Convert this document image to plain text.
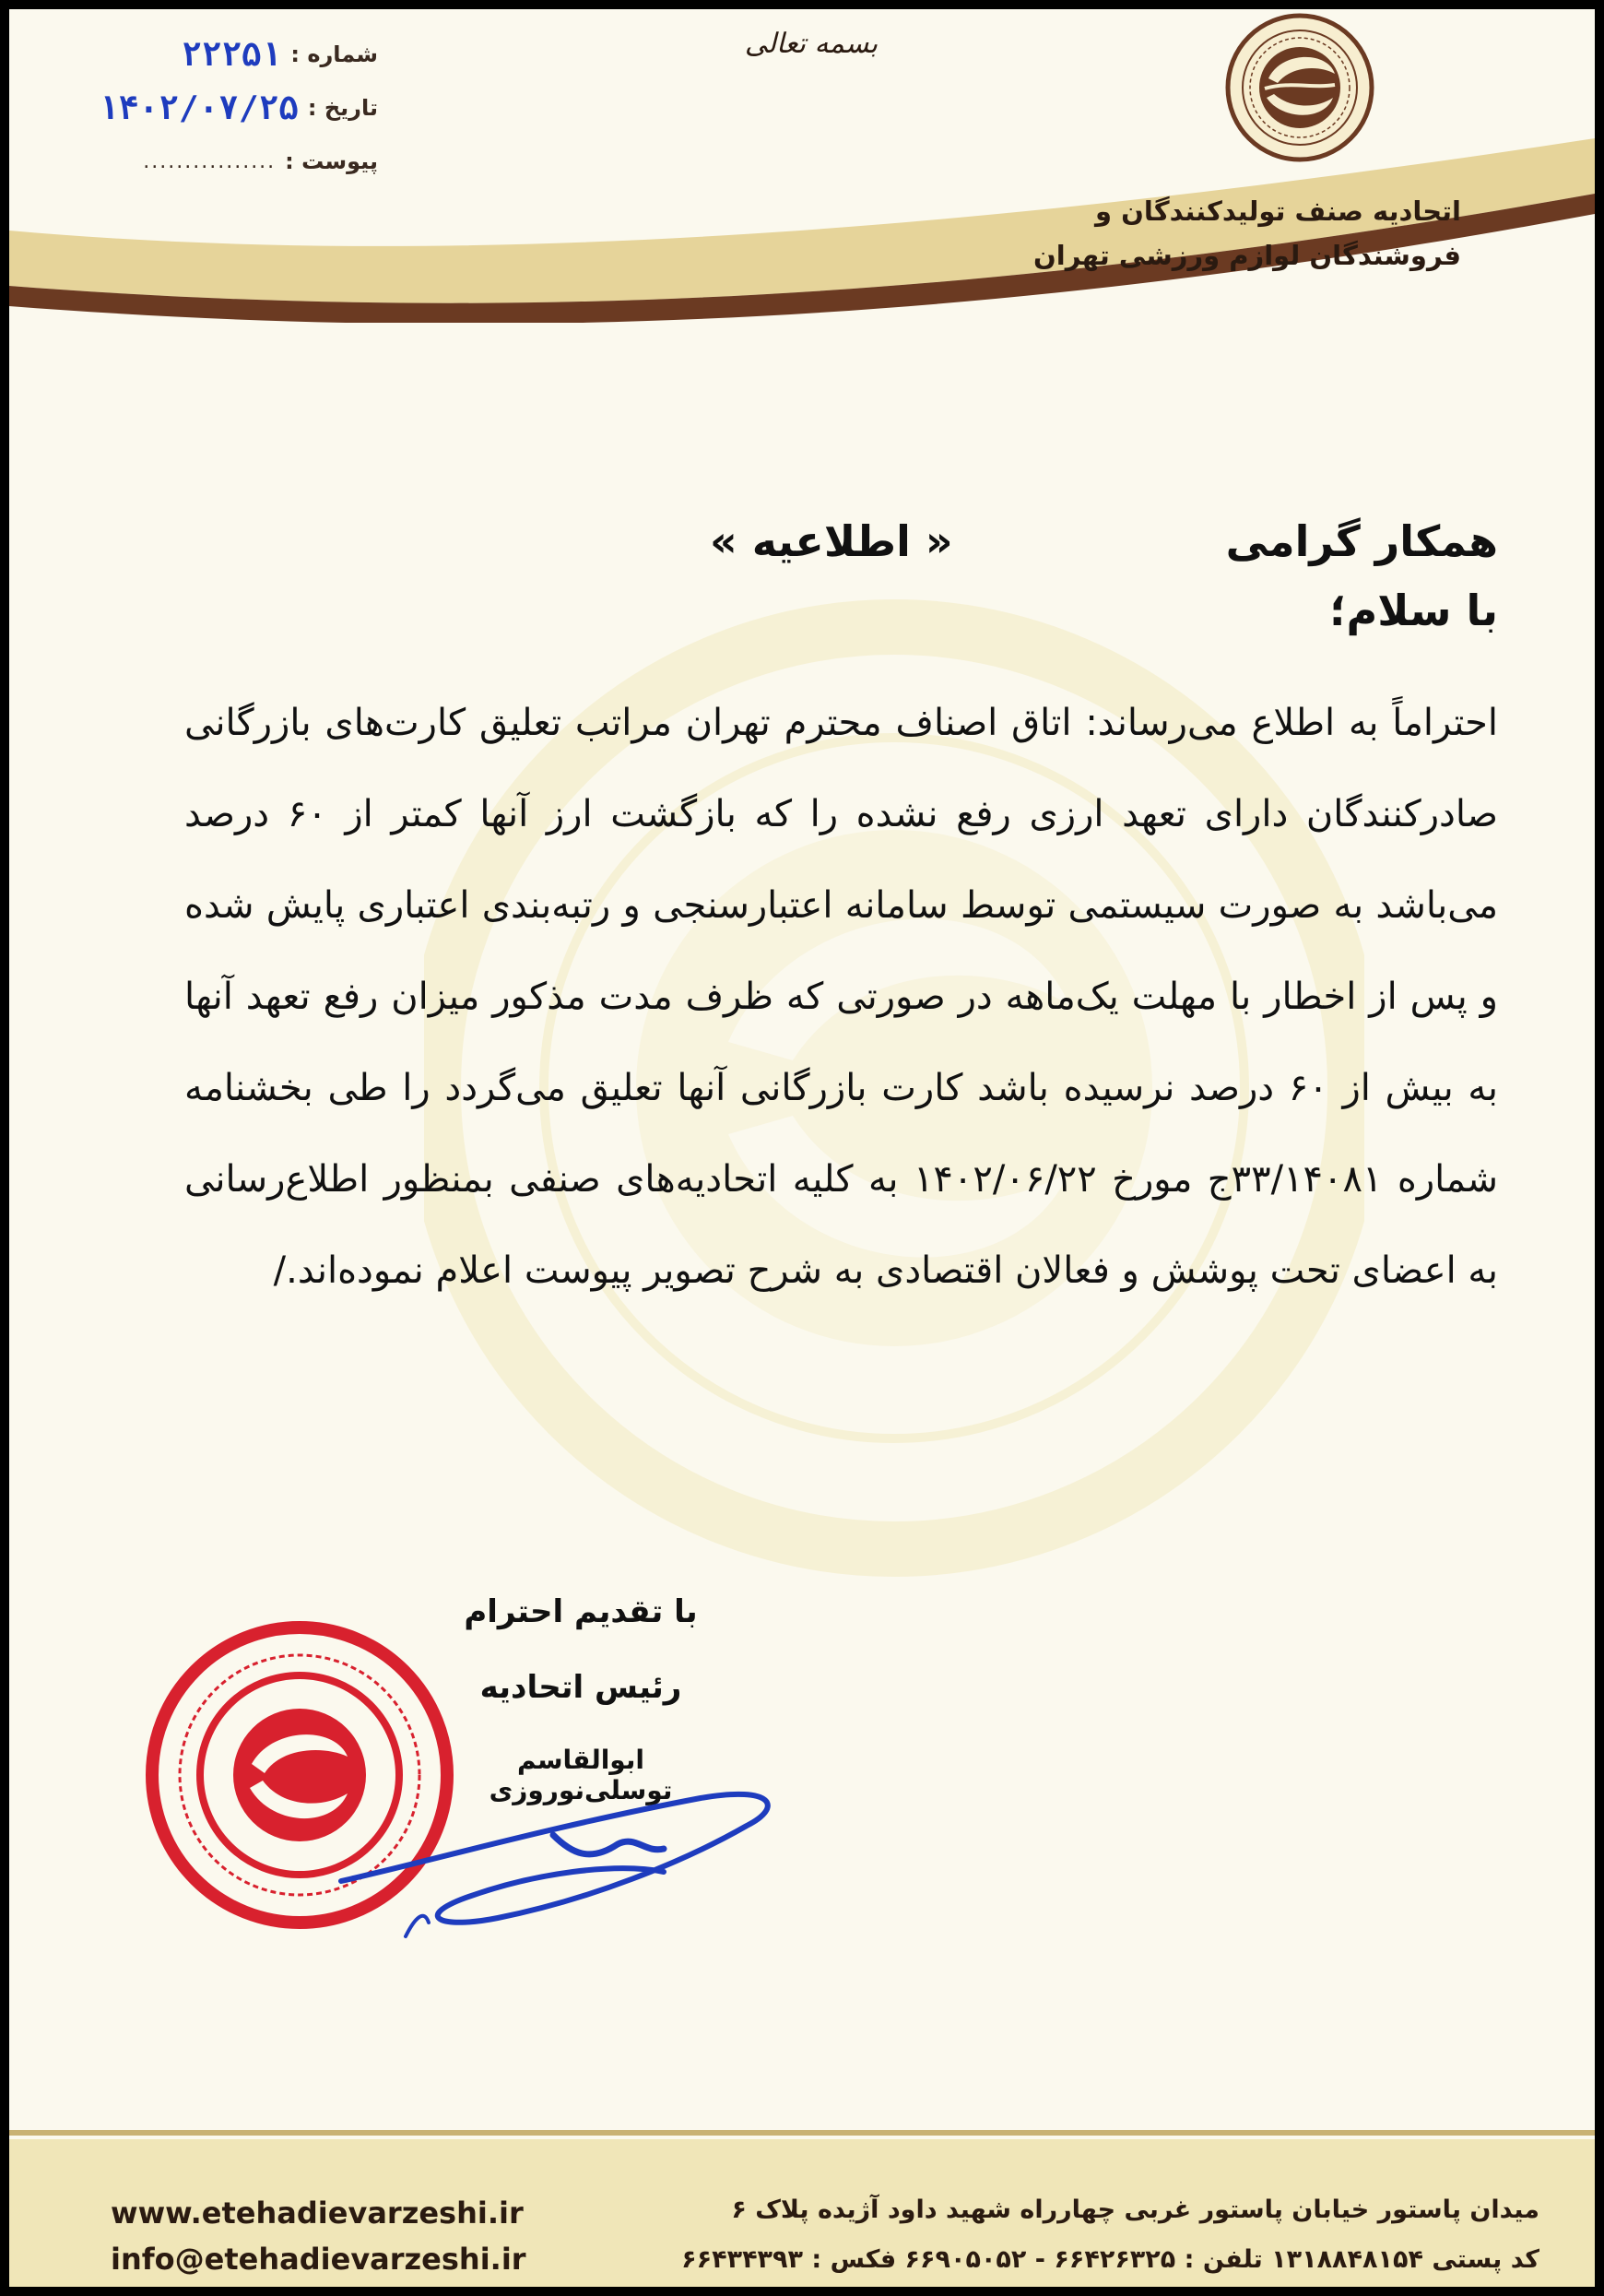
شماره :
۲۲۲۵۱
تاریخ :
۱۴۰۲/۰۷/۲۵
پیوست :
................
بسمه تعالی
اتحادیه صنف تولیدکنندگان و
فروشندگان لوازم ورزشی تهران
همکار گرامی
« اطلاعیه »
با سلام؛
احتراماً به اطلاع می‌رساند: اتاق اصناف محترم تهران مراتب تعلیق کارت‌های بازرگانی صادرکنندگان دارای تعهد ارزی رفع نشده را که بازگشت ارز آنها کمتر از ۶۰ درصد می‌باشد به صورت سیستمی توسط سامانه اعتبارسنجی و رتبه‌بندی اعتباری پایش شده و پس از اخطار با مهلت یک‌ماهه در صورتی که ظرف مدت مذکور میزان رفع تعهد آنها به بیش از ۶۰ درصد نرسیده باشد کارت بازرگانی آنها تعلیق می‌گردد را طی بخشنامه شماره ۳۳/۱۴۰۸۱ج مورخ ۱۴۰۲/۰۶/۲۲ به کلیه اتحادیه‌های صنفی بمنظور اطلاع‌رسانی به اعضای تحت پوشش و فعالان اقتصادی به شرح تصویر پیوست اعلام نموده‌اند./
با تقدیم احترام
رئیس اتحادیه
ابوالقاسم توسلی‌نوروزی
www.etehadievarzeshi.ir
info@etehadievarzeshi.ir
میدان پاستور خیابان پاستور غربی چهارراه شهید داود آژیده پلاک ۶
کد پستی ۱۳۱۸۸۴۸۱۵۴ تلفن : ۶۶۴۲۶۳۲۵ - ۶۶۹۰۵۰۵۲ فکس : ۶۶۴۳۴۳۹۳
